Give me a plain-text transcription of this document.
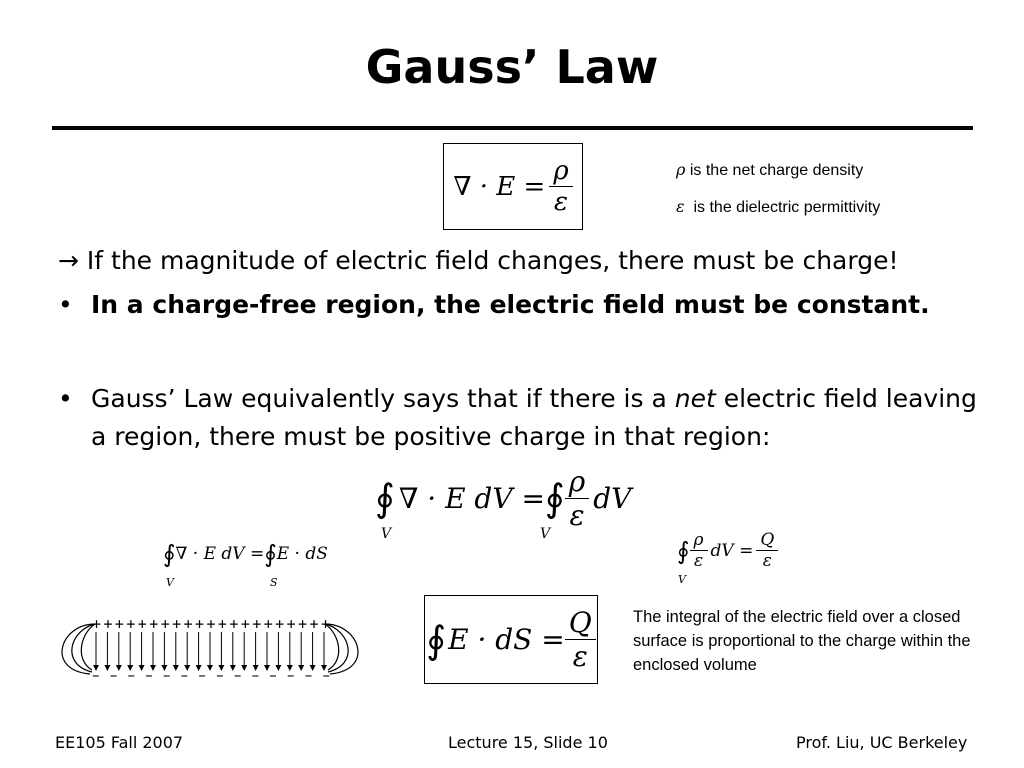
Gauss’ Law
∇ · $E = \frac{\rho}{\varepsilon}$	ρ is the net charge density
ε is the dielectric permittivity
→ If the magnitude of electric field changes, there must be charge!
• In a charge-free region, the electric field must be constant.
• Gauss’ Law equivalently says that if there is a net electric field leaving a region, there must be positive charge in that region:
∮ ∇ · E dV = ∮ $\frac{\rho}{\varepsilon}$ dV
V	V
∮ ∇ · E dV = ∮ E · dS
V	S
∮ $\frac{\rho}{\varepsilon}$ dV = $\frac{Q}{\varepsilon}$
V
+++++++++++++++++++++
– – – – – – – – – – – – – –
∮ E · dS = $\frac{Q}{\varepsilon}$ The integral of the electric field over a closed surface is proportional to the charge within the enclosed volume
EE105 Fall 2007	Lecture 15, Slide 10	Prof. Liu, UC Berkeley
